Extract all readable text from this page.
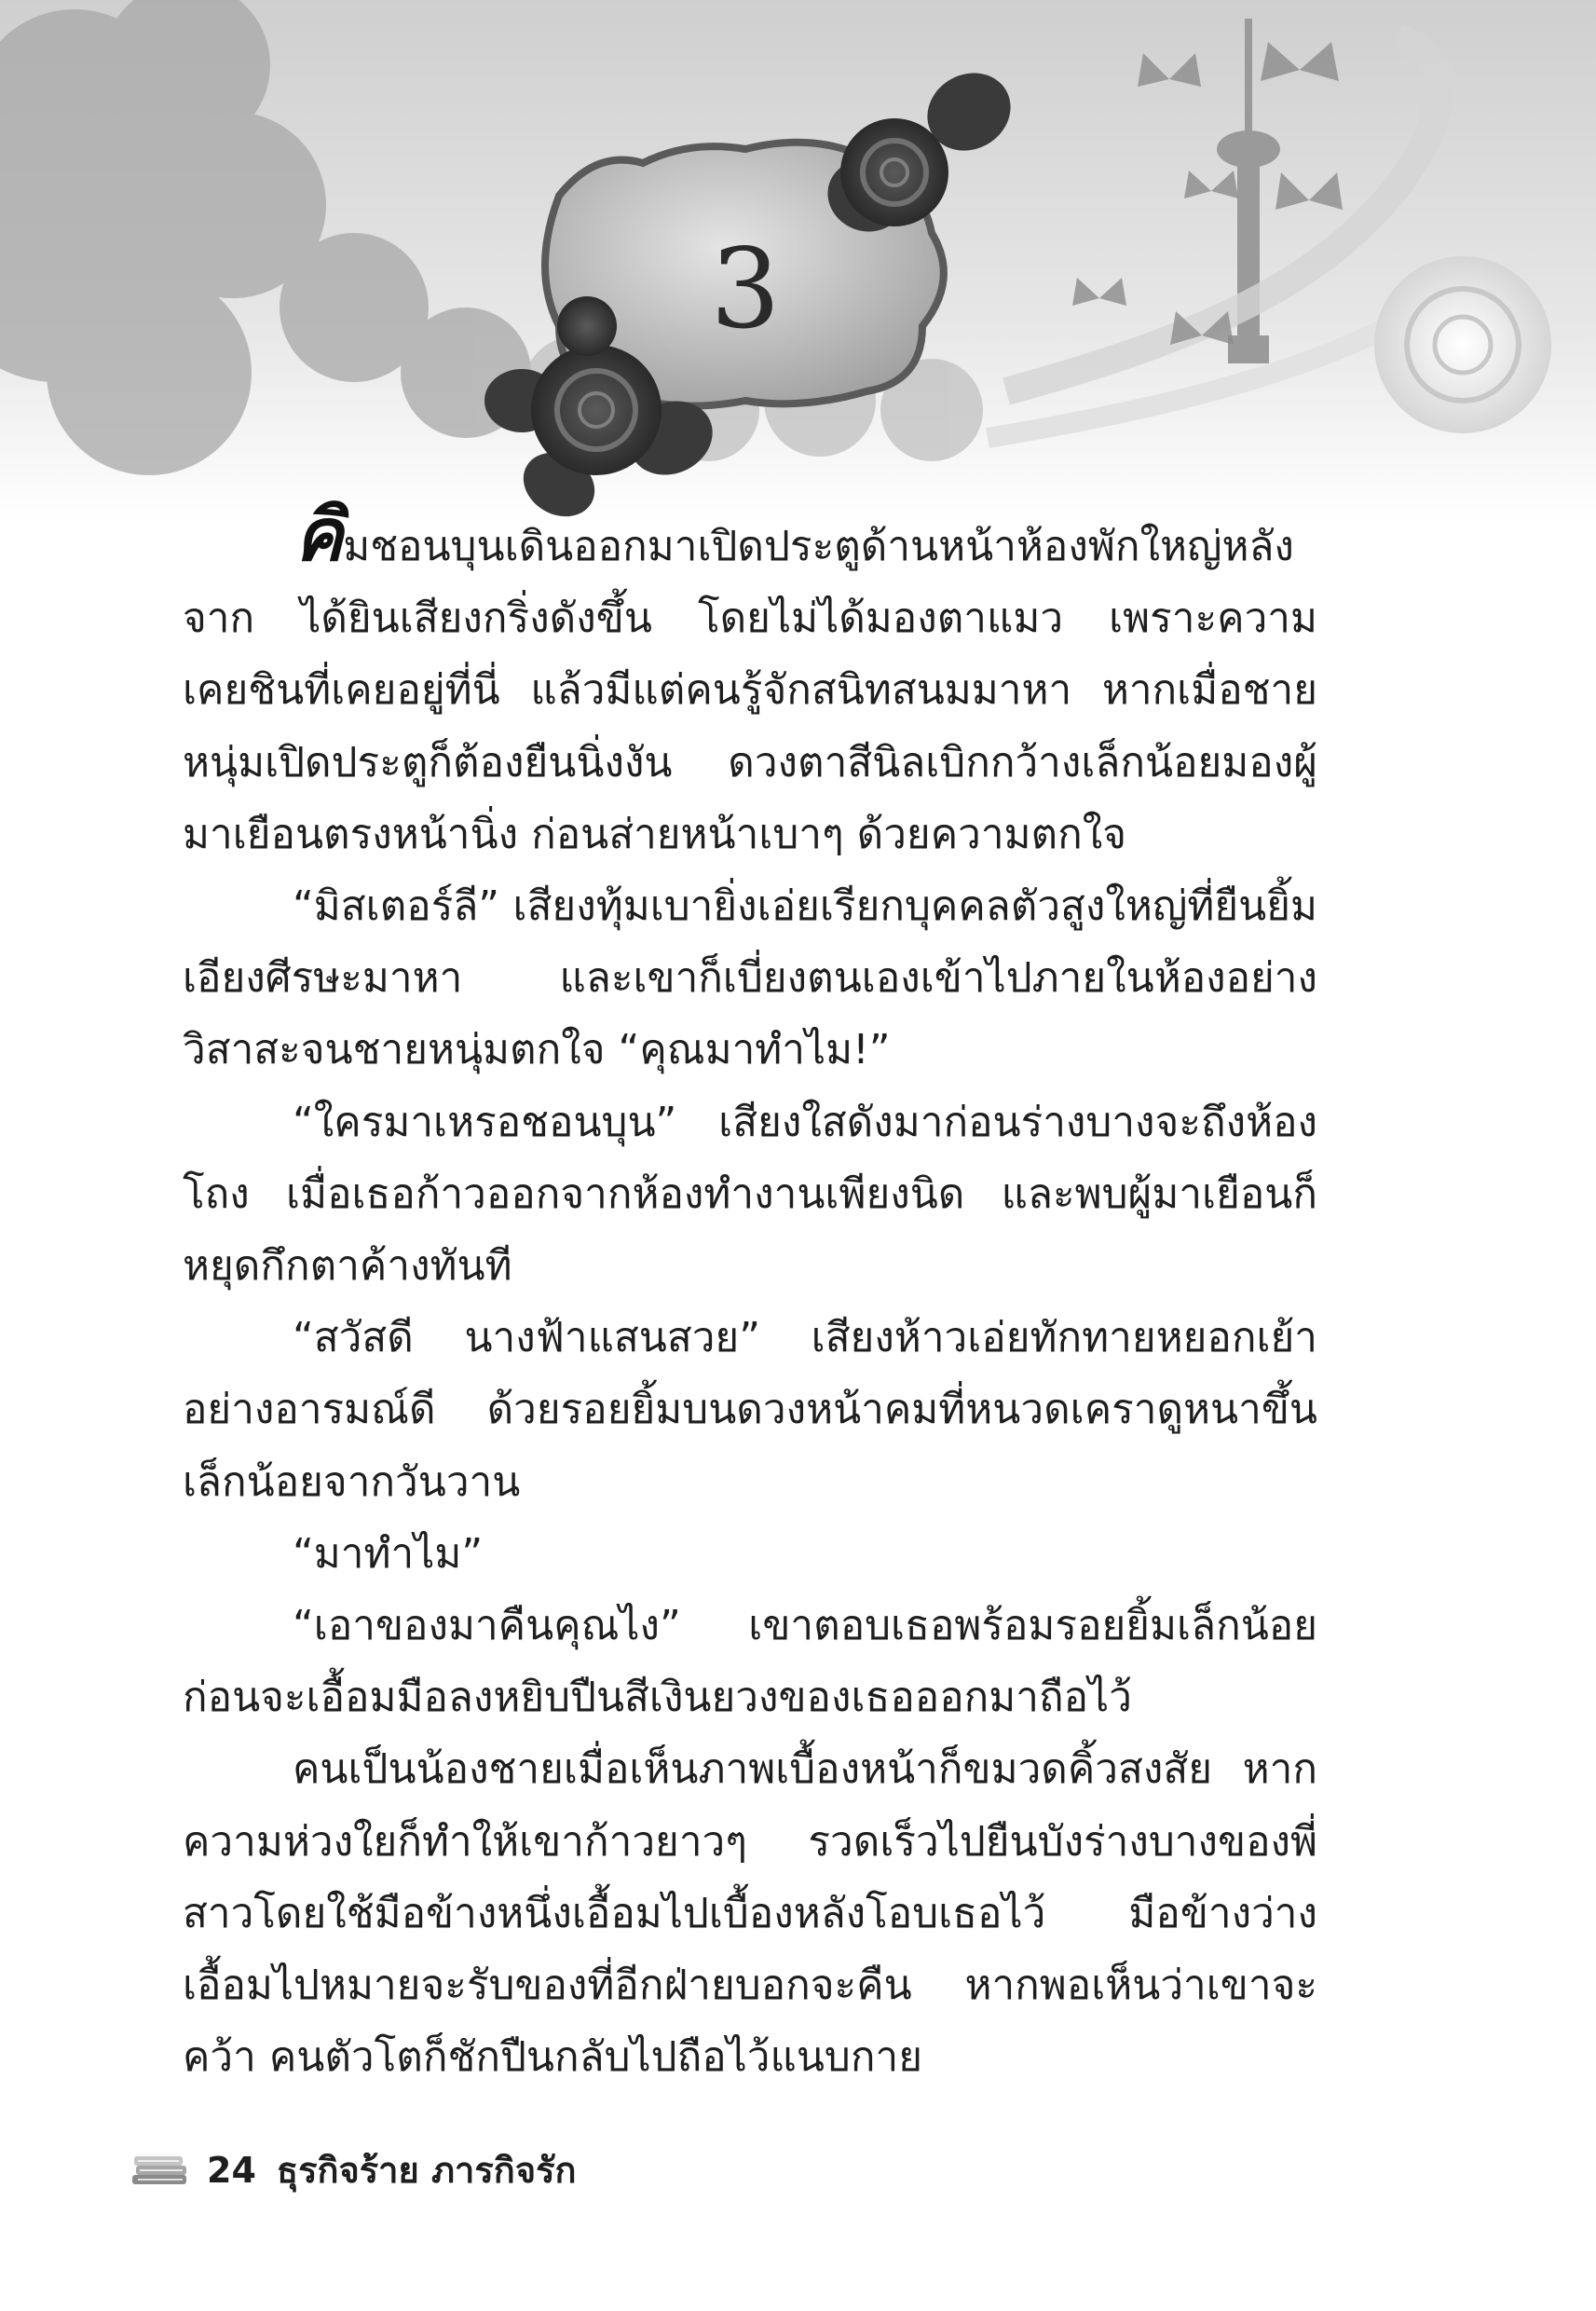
3

คิมชอนบุนเดินออกมาเปิดประตูด้านหน้าห้องพักใหญ่หลังจาก ได้ยินเสียงกริ่งดังขึ้น โดยไม่ได้มองตาแมว เพราะความเคยชินที่เคยอยู่ที่นี่ แล้วมีแต่คนรู้จักสนิทสนมมาหา หากเมื่อชายหนุ่มเปิดประตูก็ต้องยืนนิ่งงัน ดวงตาสีนิลเบิกกว้างเล็กน้อยมองผู้มาเยือนตรงหน้านิ่ง ก่อนส่ายหน้าเบาๆ ด้วยความตกใจ

“มิสเตอร์ลี” เสียงทุ้มเบายิ่งเอ่ยเรียกบุคคลตัวสูงใหญ่ที่ยืนยิ้มเอียงศีรษะมาหา และเขาก็เบี่ยงตนเองเข้าไปภายในห้องอย่างวิสาสะจนชายหนุ่มตกใจ “คุณมาทำไม!”

“ใครมาเหรอชอนบุน” เสียงใสดังมาก่อนร่างบางจะถึงห้องโถง เมื่อเธอก้าวออกจากห้องทำงานเพียงนิด และพบผู้มาเยือนก็หยุดกึกตาค้างทันที

“สวัสดี นางฟ้าแสนสวย” เสียงห้าวเอ่ยทักทายหยอกเย้าอย่างอารมณ์ดี ด้วยรอยยิ้มบนดวงหน้าคมที่หนวดเคราดูหนาขึ้นเล็กน้อยจากวันวาน

“มาทำไม”

“เอาของมาคืนคุณไง” เขาตอบเธอพร้อมรอยยิ้มเล็กน้อย ก่อนจะเอื้อมมือลงหยิบปืนสีเงินยวงของเธอออกมาถือไว้

คนเป็นน้องชายเมื่อเห็นภาพเบื้องหน้าก็ขมวดคิ้วสงสัย หากความห่วงใยก็ทำให้เขาก้าวยาวๆ รวดเร็วไปยืนบังร่างบางของพี่สาวโดยใช้มือข้างหนึ่งเอื้อมไปเบื้องหลังโอบเธอไว้ มือข้างว่างเอื้อมไปหมายจะรับของที่อีกฝ่ายบอกจะคืน หากพอเห็นว่าเขาจะคว้า คนตัวโตก็ชักปืนกลับไปถือไว้แนบกาย

24 ธุรกิจร้าย ภารกิจรัก
